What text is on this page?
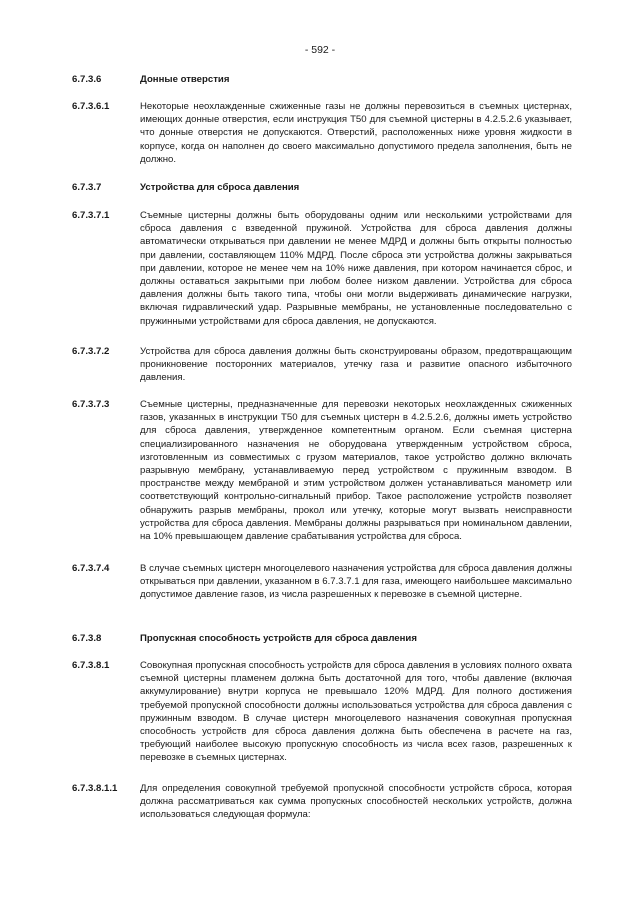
- 592 -
6.7.3.6	Донные отверстия
6.7.3.6.1	Некоторые неохлажденные сжиженные газы не должны перевозиться в съемных цистернах, имеющих донные отверстия, если инструкция Т50 для съемной цистерны в 4.2.5.2.6 указывает, что донные отверстия не допускаются. Отверстий, расположенных ниже уровня жидкости в корпусе, когда он наполнен до своего максимально допустимого предела заполнения, быть не должно.
6.7.3.7	Устройства для сброса давления
6.7.3.7.1	Съемные цистерны должны быть оборудованы одним или несколькими устройствами для сброса давления с взведенной пружиной. Устройства для сброса давления должны автоматически открываться при давлении не менее МДРД и должны быть открыты полностью при давлении, составляющем 110% МДРД. После сброса эти устройства должны закрываться при давлении, которое не менее чем на 10% ниже давления, при котором начинается сброс, и должны оставаться закрытыми при любом более низком давлении. Устройства для сброса давления должны быть такого типа, чтобы они могли выдерживать динамические нагрузки, включая гидравлический удар. Разрывные мембраны, не установленные последовательно с пружинными устройствами для сброса давления, не допускаются.
6.7.3.7.2	Устройства для сброса давления должны быть сконструированы образом, предотвращающим проникновение посторонних материалов, утечку газа и развитие опасного избыточного давления.
6.7.3.7.3	Съемные цистерны, предназначенные для перевозки некоторых неохлажденных сжиженных газов, указанных в инструкции Т50 для съемных цистерн в 4.2.5.2.6, должны иметь устройство для сброса давления, утвержденное компетентным органом. Если съемная цистерна специализированного назначения не оборудована утвержденным устройством сброса, изготовленным из совместимых с грузом материалов, такое устройство должно включать разрывную мембрану, устанавливаемую перед устройством с пружинным взводом. В пространстве между мембраной и этим устройством должен устанавливаться манометр или соответствующий контрольно-сигнальный прибор. Такое расположение устройств позволяет обнаружить разрыв мембраны, прокол или утечку, которые могут вызвать неисправности устройства для сброса давления. Мембраны должны разрываться при номинальном давлении, на 10% превышающем давление срабатывания устройства для сброса.
6.7.3.7.4	В случае съемных цистерн многоцелевого назначения устройства для сброса давления должны открываться при давлении, указанном в 6.7.3.7.1 для газа, имеющего наибольшее максимально допустимое давление газов, из числа разрешенных к перевозке в съемной цистерне.
6.7.3.8	Пропускная способность устройств для сброса давления
6.7.3.8.1	Совокупная пропускная способность устройств для сброса давления в условиях полного охвата съемной цистерны пламенем должна быть достаточной для того, чтобы давление (включая аккумулирование) внутри корпуса не превышало 120% МДРД. Для полного достижения требуемой пропускной способности должны использоваться устройства для сброса давления с пружинным взводом. В случае цистерн многоцелевого назначения совокупная пропускная способность устройств для сброса давления должна быть обеспечена в расчете на газ, требующий наиболее высокую пропускную способность из числа всех газов, разрешенных к перевозке в съемных цистернах.
6.7.3.8.1.1	Для определения совокупной требуемой пропускной способности устройств сброса, которая должна рассматриваться как сумма пропускных способностей нескольких устройств, должна использоваться следующая формула:
